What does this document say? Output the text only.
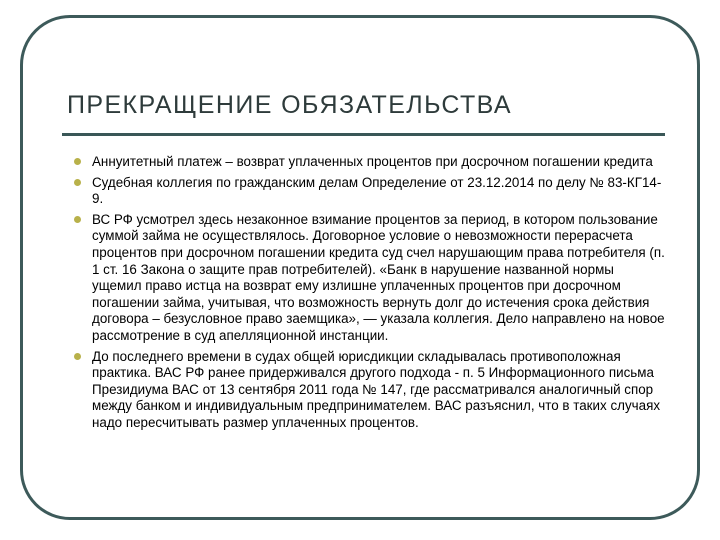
ПРЕКРАЩЕНИЕ ОБЯЗАТЕЛЬСТВА
Аннуитетный платеж – возврат уплаченных процентов при досрочном погашении кредита
Судебная коллегия по гражданским делам Определение от 23.12.2014 по делу № 83-КГ14-9.
ВС РФ усмотрел здесь незаконное взимание процентов за период, в котором пользование суммой займа не осуществлялось. Договорное условие о невозможности перерасчета процентов при досрочном погашении кредита суд счел нарушающим права потребителя (п. 1 ст. 16 Закона о защите прав потребителей). «Банк в нарушение названной нормы ущемил право истца на возврат ему излишне уплаченных процентов при досрочном погашении займа, учитывая, что возможность вернуть долг до истечения срока действия договора – безусловное право заемщика», — указала коллегия. Дело направлено на новое рассмотрение в суд апелляционной инстанции.
До последнего времени в судах общей юрисдикции складывалась противоположная практика. ВАС РФ ранее придерживался другого подхода - п. 5 Информационного письма Президиума ВАС от 13 сентября 2011 года № 147, где рассматривался аналогичный спор между банком и индивидуальным предпринимателем. ВАС разъяснил, что в таких случаях надо пересчитывать размер уплаченных процентов.
